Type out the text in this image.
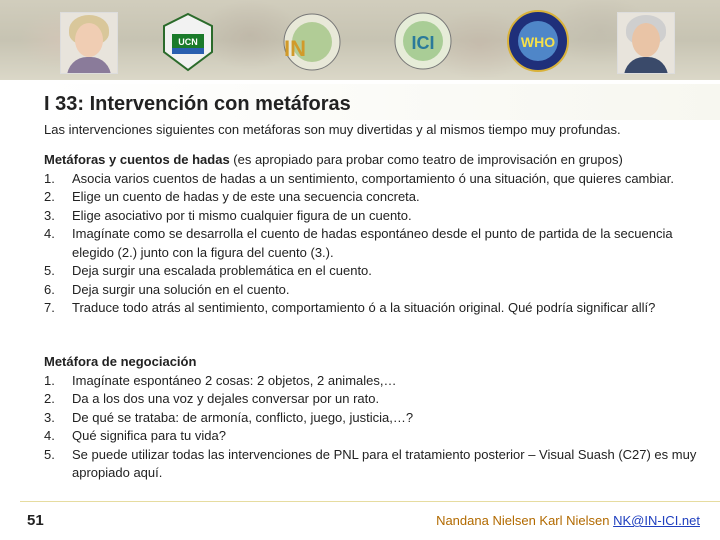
UCN	IN	ICI	WHO
I 33: Intervención con metáforas
Las intervenciones siguientes con metáforas son muy divertidas y al mismos tiempo muy profundas.
Metáforas y cuentos de hadas (es apropiado para probar como teatro de improvisación en grupos)
1. Asocia varios cuentos de hadas a un sentimiento, comportamiento ó una situación, que quieres cambiar.
2. Elige un cuento de hadas y de este una secuencia concreta.
3. Elige asociativo por ti mismo cualquier figura de un cuento.
4. Imagínate como se desarrolla el cuento de hadas espontáneo desde el punto de partida de la secuencia elegido (2.) junto con la figura del cuento (3.).
5. Deja surgir una escalada problemática en el cuento.
6. Deja surgir una solución en el cuento.
7. Traduce todo atrás al sentimiento, comportamiento ó a la situación original. Qué podría significar allí?
Metáfora de negociación
1. Imagínate espontáneo 2 cosas: 2 objetos, 2 animales,…
2. Da a los dos una voz y dejales conversar por un rato.
3. De qué se trataba: de armonía, conflicto, juego, justicia,…?
4. Qué significa para tu vida?
5. Se puede utilizar todas las intervenciones de PNL para el tratamiento posterior – Visual Suash (C27) es muy apropiado aquí.
51	Nandana Nielsen Karl Nielsen NK@IN-ICI.net
